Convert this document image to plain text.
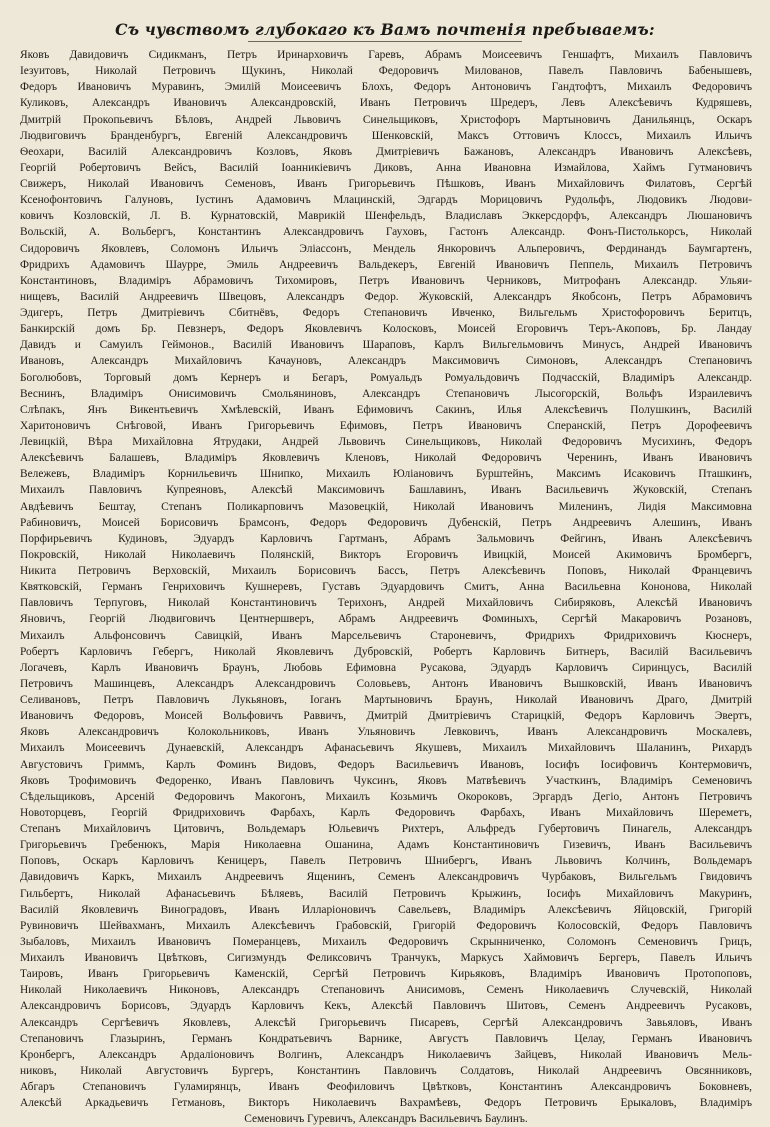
Съ чувствомъ глубокаго къ Вамъ почтенія пребываемъ:
Яковъ Давидовичъ Сидикманъ, Петръ Иринарховичъ Гаревъ, Абрамъ Моисеевичъ Геншафтъ, Михаилъ Павловичъ
Іезуитовъ, Николай Петровичъ Щукинъ, Николай Федоровичъ Милованов, Павелъ Павловичъ Бабенышевъ,
Федоръ Ивановичъ Муравинъ, Эмилій Моисеевичъ Блохъ, Федоръ Антоновичъ Гандтофтъ, Михаилъ Федоровичъ
Куликовъ, Александръ Ивановичъ Александровскій, Иванъ Петровичъ Шредеръ, Левъ Алексѣевичъ Кудряшевъ,
Дмитрій Прокопьевичъ Бѣловъ, Андрей Львовичъ Синельщиковъ, Христофоръ Мартыновичъ Данильянцъ, Оскаръ
Людвиговичъ Бранденбургъ, Евгеній Александровичъ Шенковскій, Максъ Оттовичъ Клоссъ, Михаилъ Ильичъ
Ѳеохари, Василій Александровичъ Козловъ, Яковъ Дмитріевичъ Бажановъ, Александръ Ивановичъ Алексѣевъ,
Георгій Робертовичъ Вейсъ, Василій Іоанникіевичъ Диковъ, Анна Ивановна Измайлова, Хаймъ Гутмановичъ
Свижеръ, Николай Ивановичъ Семеновъ, Иванъ Григорьевичъ Пѣшковъ, Иванъ Михайловичъ Филатовъ, Сергѣй
Ксенофонтовичъ Галуновъ, Іустинъ Адамовичъ Млацинскій, Эдгардъ Морицовичъ Рудольфъ, Людовикъ Людови-
ковичъ Козловскій, Л. В. Курнатовскій, Маврикій Шенфельдъ, Владиславъ Эккерсдорфъ, Александръ Люшановичъ
Вольскій, А. Вольбергъ, Константинъ Александровичъ Гауховъ, Гастонъ Александр. Фонъ-Пистолькорсъ, Николай
Сидоровичъ Яковлевъ, Соломонъ Ильичъ Эліассонъ, Мендель Янкоровичъ Альперовичъ, Фердинандъ Баумгартенъ,
Фридрихъ Адамовичъ Шаурре, Эмиль Андреевичъ Вальдекеръ, Евгеній Ивановичъ Пеппель, Михаилъ Петровичъ
Константиновъ, Владиміръ Абрамовичъ Тихомировъ, Петръ Ивановичъ Черниковъ, Митрофанъ Александр. Ульяи-
нищевъ, Василій Андреевичъ Швецовъ, Александръ Федор. Жуковскій, Александръ Якобсонъ, Петръ Абрамовичъ
Эдигеръ, Петръ Дмитріевичъ Сбитнёвъ, Федоръ Степановичъ Ивченко, Вильгельмъ Христофоровичъ Беритцъ,
Банкирскій домъ Бр. Певзнеръ, Федоръ Яковлевичъ Колосковъ, Моисей Егоровичъ Теръ-Акоповъ, Бр. Ландау
Давидъ и Самуилъ Геймонов., Василій Ивановичъ Шараповъ, Карлъ Вильгельмовичъ Минусъ, Андрей Ивановичъ
Ивановъ, Александръ Михайловичъ Качауновъ, Александръ Максимовичъ Симоновъ, Александръ Степановичъ
Боголюбовъ, Торговый домъ Кернеръ и Бегаръ, Ромуальдъ Ромуальдовичъ Подчасскій, Владиміръ Александр.
Веснинъ, Владиміръ Онисимовичъ Смольяниновъ, Александръ Степановичъ Лысогорскій, Вольфъ Израилевичъ
Слѣпакъ, Янъ Викентьевичъ Хмѣлевскій, Иванъ Ефимовичъ Сакинъ, Илья Алексѣевичъ Полушкинъ, Василій
Харитоновичъ Снѣговой, Иванъ Григорьевичъ Ефимовъ, Петръ Ивановичъ Сперанскій, Петръ Дорофеевичъ
Левицкій, Вѣра Михайловна Ятрудаки, Андрей Львовичъ Синельщиковъ, Николай Федоровичъ Мусихинъ, Федоръ
Алексѣевичъ Балашевъ, Владиміръ Яковлевичъ Кленовъ, Николай Федоровичъ Черенинъ, Иванъ Ивановичъ
Вележевъ, Владиміръ Корнильевичъ Шнипко, Михаилъ Юліановичъ Бурштейнъ, Максимъ Исаковичъ Пташкинъ,
Михаилъ Павловичъ Купреяновъ, Алексѣй Максимовичъ Башлавинъ, Иванъ Васильевичъ Жуковскій, Степанъ
Авдѣевичъ Бештау, Степанъ Поликарповичъ Мазовецкій, Николай Ивановичъ Миленинъ, Лидія Максимовна
Рабиновичъ, Моисей Борисовичъ Брамсонъ, Федоръ Федоровичъ Дубенскій, Петръ Андреевичъ Алешинъ, Иванъ
Порфирьевичъ Кудиновъ, Эдуардъ Карловичъ Гартманъ, Абрамъ Зальмовичъ Фейгинъ, Иванъ Алексѣевичъ
Покровскій, Николай Николаевичъ Полянскій, Викторъ Егоровичъ Ивицкій, Моисей Акимовичъ Бромбергъ,
Никита Петровичъ Верховскій, Михаилъ Борисовичъ Бассъ, Петръ Алексѣевичъ Поповъ, Николай Францевичъ
Квятковскій, Германъ Генриховичъ Кушнеревъ, Густавъ Эдуардовичъ Смитъ, Анна Васильевна Кононова, Николай
Павловичъ Терпуговъ, Николай Константиновичъ Терихонъ, Андрей Михайловичъ Сибиряковъ, Алексѣй Ивановичъ
Яновичъ, Георгій Людвиговичъ Центнершверъ, Абрамъ Андреевичъ Фоминыхъ, Сергѣй Макаровичъ Розановъ,
Михаилъ Альфонсовичъ Савицкій, Иванъ Марсельевичъ Староневичъ, Фридрихъ Фридриховичъ Кюснеръ,
Робертъ Карловичъ Гебергъ, Николай Яковлевичъ Дубровскій, Робертъ Карловичъ Битнеръ, Василій Васильевичъ
Логачевъ, Карлъ Ивановичъ Браунъ, Любовь Ефимовна Русакова, Эдуардъ Карловичъ Сиринцусъ, Василій
Петровичъ Машинцевъ, Александръ Александровичъ Соловьевъ, Антонъ Ивановичъ Вышковскій, Иванъ Ивановичъ
Селивановъ, Петръ Павловичъ Лукьяновъ, Іоганъ Мартыновичъ Браунъ, Николай Ивановичъ Драго, Дмитрій
Ивановичъ Федоровъ, Моисей Вольфовичъ Раввичъ, Дмитрій Дмитріевичъ Старицкій, Федоръ Карловичъ Эвертъ,
Яковъ Александровичъ Колокольниковъ, Иванъ Ульяновичъ Левковичъ, Иванъ Александровичъ Москалевъ,
Михаилъ Моисеевичъ Дунаевскій, Александръ Афанасьевичъ Якушевъ, Михаилъ Михайловичъ Шаланинъ, Рихардъ
Августовичъ Гриммъ, Карлъ Фоминъ Видовъ, Федоръ Васильевичъ Ивановъ, Іосифъ Іосифовичъ Контермовичъ,
Яковъ Трофимовичъ Федоренко, Иванъ Павловичъ Чуксинъ, Яковъ Матвѣевичъ Участкинъ, Владиміръ Семеновичъ
Сѣдельщиковъ, Арсеній Федоровичъ Макогонъ, Михаилъ Козьмичъ Окороковъ, Эргардъ Дегіо, Антонъ Петровичъ
Новоторцевъ, Георгій Фридриховичъ Фарбахъ, Карлъ Федоровичъ Фарбахъ, Иванъ Михайловичъ Шереметъ,
Степанъ Михайловичъ Цитовичъ, Вольдемаръ Юльевичъ Рихтеръ, Альфредъ Губертовичъ Пинагель, Александръ
Григорьевичъ Гребенюкъ, Марія Николаевна Ошанина, Адамъ Константиновичъ Гизевичъ, Иванъ Васильевичъ
Поповъ, Оскаръ Карловичъ Кеницеръ, Павелъ Петровичъ Шнибергъ, Иванъ Львовичъ Колчинъ, Вольдемаръ
Давидовичъ Каркъ, Михаилъ Андреевичъ Ященинъ, Семенъ Александровичъ Чурбаковъ, Вильгельмъ Гвидовичъ
Гильбертъ, Николай Афанасьевичъ Бѣляевъ, Василій Петровичъ Крыжинъ, Іосифъ Михайловичъ Макуринъ,
Василій Яковлевичъ Виноградовъ, Иванъ Илларіоновичъ Савельевъ, Владиміръ Алексѣевичъ Яйцовскій, Григорій
Рувиновичъ Шейвахманъ, Михаилъ Алексѣевичъ Грабовскій, Григорій Федоровичъ Колосовскій, Федоръ Павловичъ
Зыбаловъ, Михаилъ Ивановичъ Померанцевъ, Михаилъ Федоровичъ Скрынниченко, Соломонъ Семеновичъ Грицъ,
Михаилъ Ивановичъ Цвѣтковъ, Сигизмундъ Феликсовичъ Транчукъ, Маркусъ Хаймовичъ Бергеръ, Павелъ Ильичъ
Таировъ, Иванъ Григорьевичъ Каменскій, Сергѣй Петровичъ Кирьяковъ, Владиміръ Ивановичъ Протопоповъ,
Николай Николаевичъ Никоновъ, Александръ Степановичъ Анисимовъ, Семенъ Николаевичъ Случевскій, Николай
Александровичъ Борисовъ, Эдуардъ Карловичъ Кекъ, Алексѣй Павловичъ Шитовъ, Семенъ Андреевичъ Русаковъ,
Александръ Сергѣевичъ Яковлевъ, Алексѣй Григорьевичъ Писаревъ, Сергѣй Александровичъ Завьяловъ, Иванъ
Степановичъ Глазыринъ, Германъ Кондратьевичъ Варнике, Августъ Павловичъ Целау, Германъ Ивановичъ
Кронбергъ, Александръ Ардаліоновичъ Волгинъ, Александръ Николаевичъ Зайцевъ, Николай Ивановичъ Мель-
никовъ, Николай Августовичъ Бургеръ, Константинъ Павловичъ Солдатовъ, Николай Андреевичъ Овсянниковъ,
Абгаръ Степановичъ Гуламирянцъ, Иванъ Феофиловичъ Цвѣтковъ, Константинъ Александровичъ Боковневъ,
Алексѣй Аркадьевичъ Гетмановъ, Викторъ Николаевичъ Вахрамѣевъ, Федоръ Петровичъ Ерыкаловъ, Владиміръ
Семеновичъ Гуревичъ, Александръ Васильевичъ Баулинъ.
